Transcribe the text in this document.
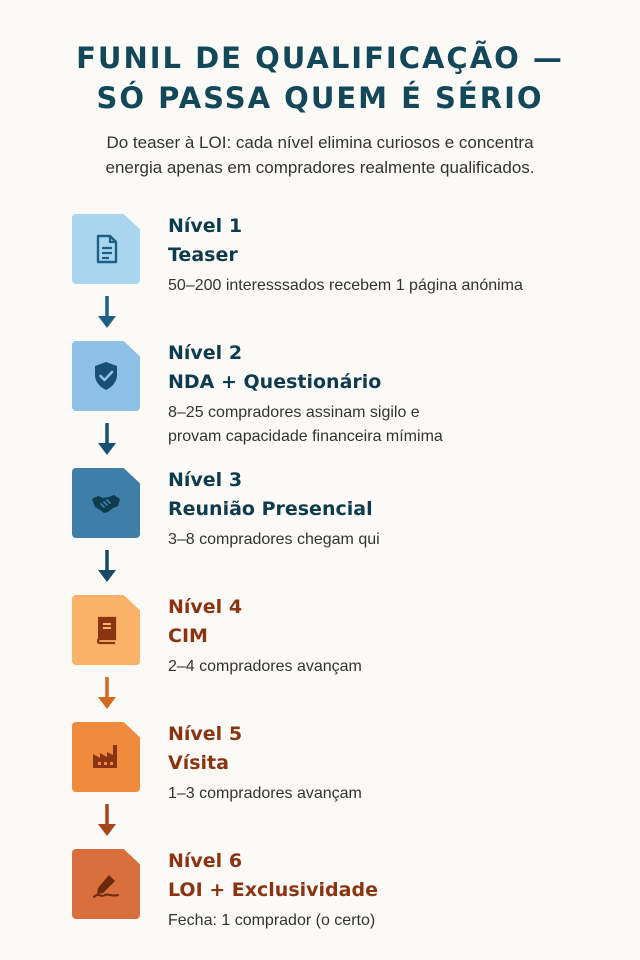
FUNIL DE QUALIFICAÇÃO —
SÓ PASSA QUEM É SÉRIO
Do teaser à LOI: cada nível elimina curiosos e concentra
energia apenas em compradores realmente qualificados.
Nível 1
Teaser
50–200 interesssados recebem 1 página anónima
Nível 2
NDA + Questionário
8–25 compradores assinam sigilo e
provam capacidade financeira mímima
Nível 3
Reunião Presencial
3–8 compradores chegam qui
Nível 4
CIM
2–4 compradores avançam
Nível 5
Vísita
1–3 compradores avançam
Nível 6
LOI + Exclusividade
Fecha: 1 comprador (o certo)
